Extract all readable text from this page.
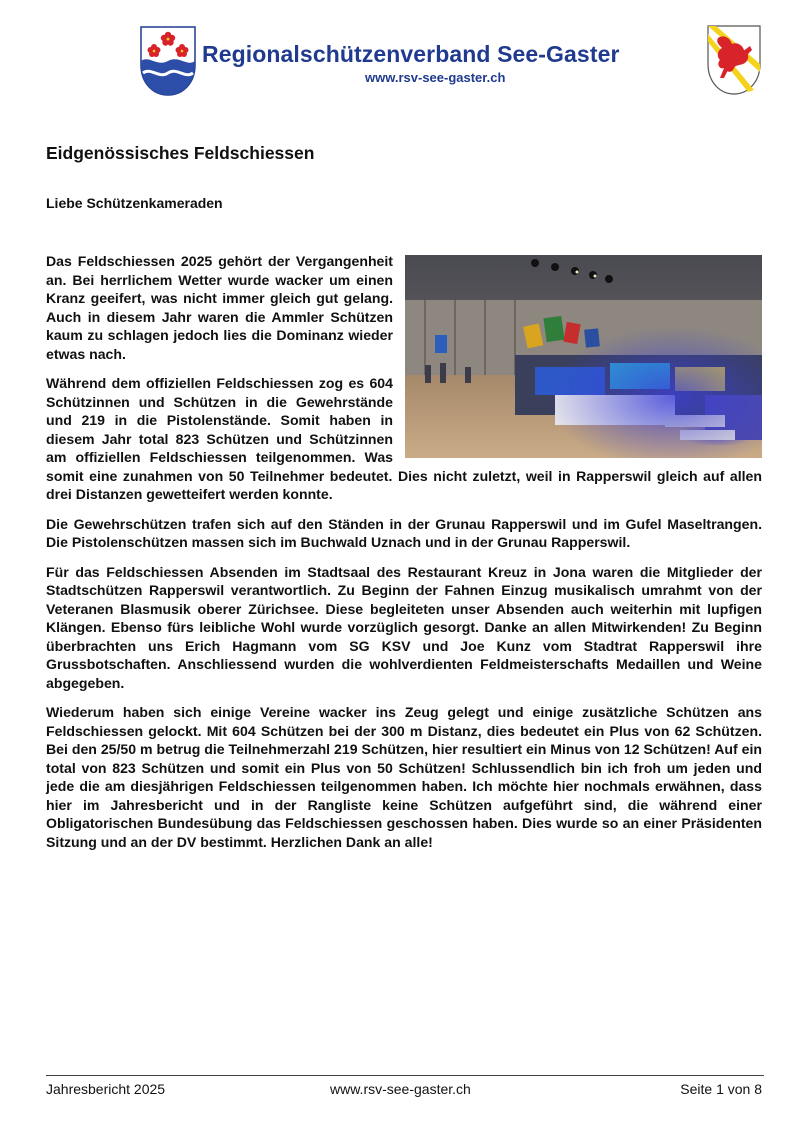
Regionalschützenverband See-Gaster
www.rsv-see-gaster.ch
Eidgenössisches Feldschiessen

Liebe Schützenkameraden

Das Feldschiessen 2025 gehört der Vergangenheit an. Bei herrlichem Wetter wurde wacker um einen Kranz geeifert, was nicht immer gleich gut gelang. Auch in diesem Jahr waren die Ammler Schützen kaum zu schlagen jedoch lies die Dominanz wieder etwas nach.

Während dem offiziellen Feldschiessen zog es 604 Schützinnen und Schützen in die Gewehrstände und 219 in die Pistolenstände. Somit haben in diesem Jahr total 823 Schützen und Schützinnen am offiziellen Feldschiessen teilgenommen. Was somit eine zunahmen von 50 Teilnehmer bedeutet. Dies nicht zuletzt, weil in Rapperswil gleich auf allen drei Distanzen gewetteifert werden konnte.

Die Gewehrschützen trafen sich auf den Ständen in der Grunau Rapperswil und im Gufel Maseltrangen. Die Pistolenschützen massen sich im Buchwald Uznach und in der Grunau Rapperswil.

Für das Feldschiessen Absenden im Stadtsaal des Restaurant Kreuz in Jona waren die Mitglieder der Stadtschützen Rapperswil verantwortlich. Zu Beginn der Fahnen Einzug musikalisch umrahmt von der Veteranen Blasmusik oberer Zürichsee. Diese begleiteten unser Absenden auch weiterhin mit lupfigen Klängen. Ebenso fürs leibliche Wohl wurde vorzüglich gesorgt. Danke an allen Mitwirkenden! Zu Beginn überbrachten uns Erich Hagmann vom SG KSV und Joe Kunz vom Stadtrat Rapperswil ihre Grussbotschaften. Anschliessend wurden die wohlverdienten Feldmeisterschafts Medaillen und Weine abgegeben.

Wiederum haben sich einige Vereine wacker ins Zeug gelegt und einige zusätzliche Schützen ans Feldschiessen gelockt. Mit 604 Schützen bei der 300 m Distanz, dies bedeutet ein Plus von 62 Schützen. Bei den 25/50 m betrug die Teilnehmerzahl 219 Schützen, hier resultiert ein Minus von 12 Schützen! Auf ein total von 823 Schützen und somit ein Plus von 50 Schützen! Schlussendlich bin ich froh um jeden und jede die am diesjährigen Feldschiessen teilgenommen haben. Ich möchte hier nochmals erwähnen, dass hier im Jahresbericht und in der Rangliste keine Schützen aufgeführt sind, die während einer Obligatorischen Bundesübung das Feldschiessen geschossen haben. Dies wurde so an einer Präsidenten Sitzung und an der DV bestimmt. Herzlichen Dank an alle!

Jahresbericht 2025	www.rsv-see-gaster.ch	Seite 1 von 8
